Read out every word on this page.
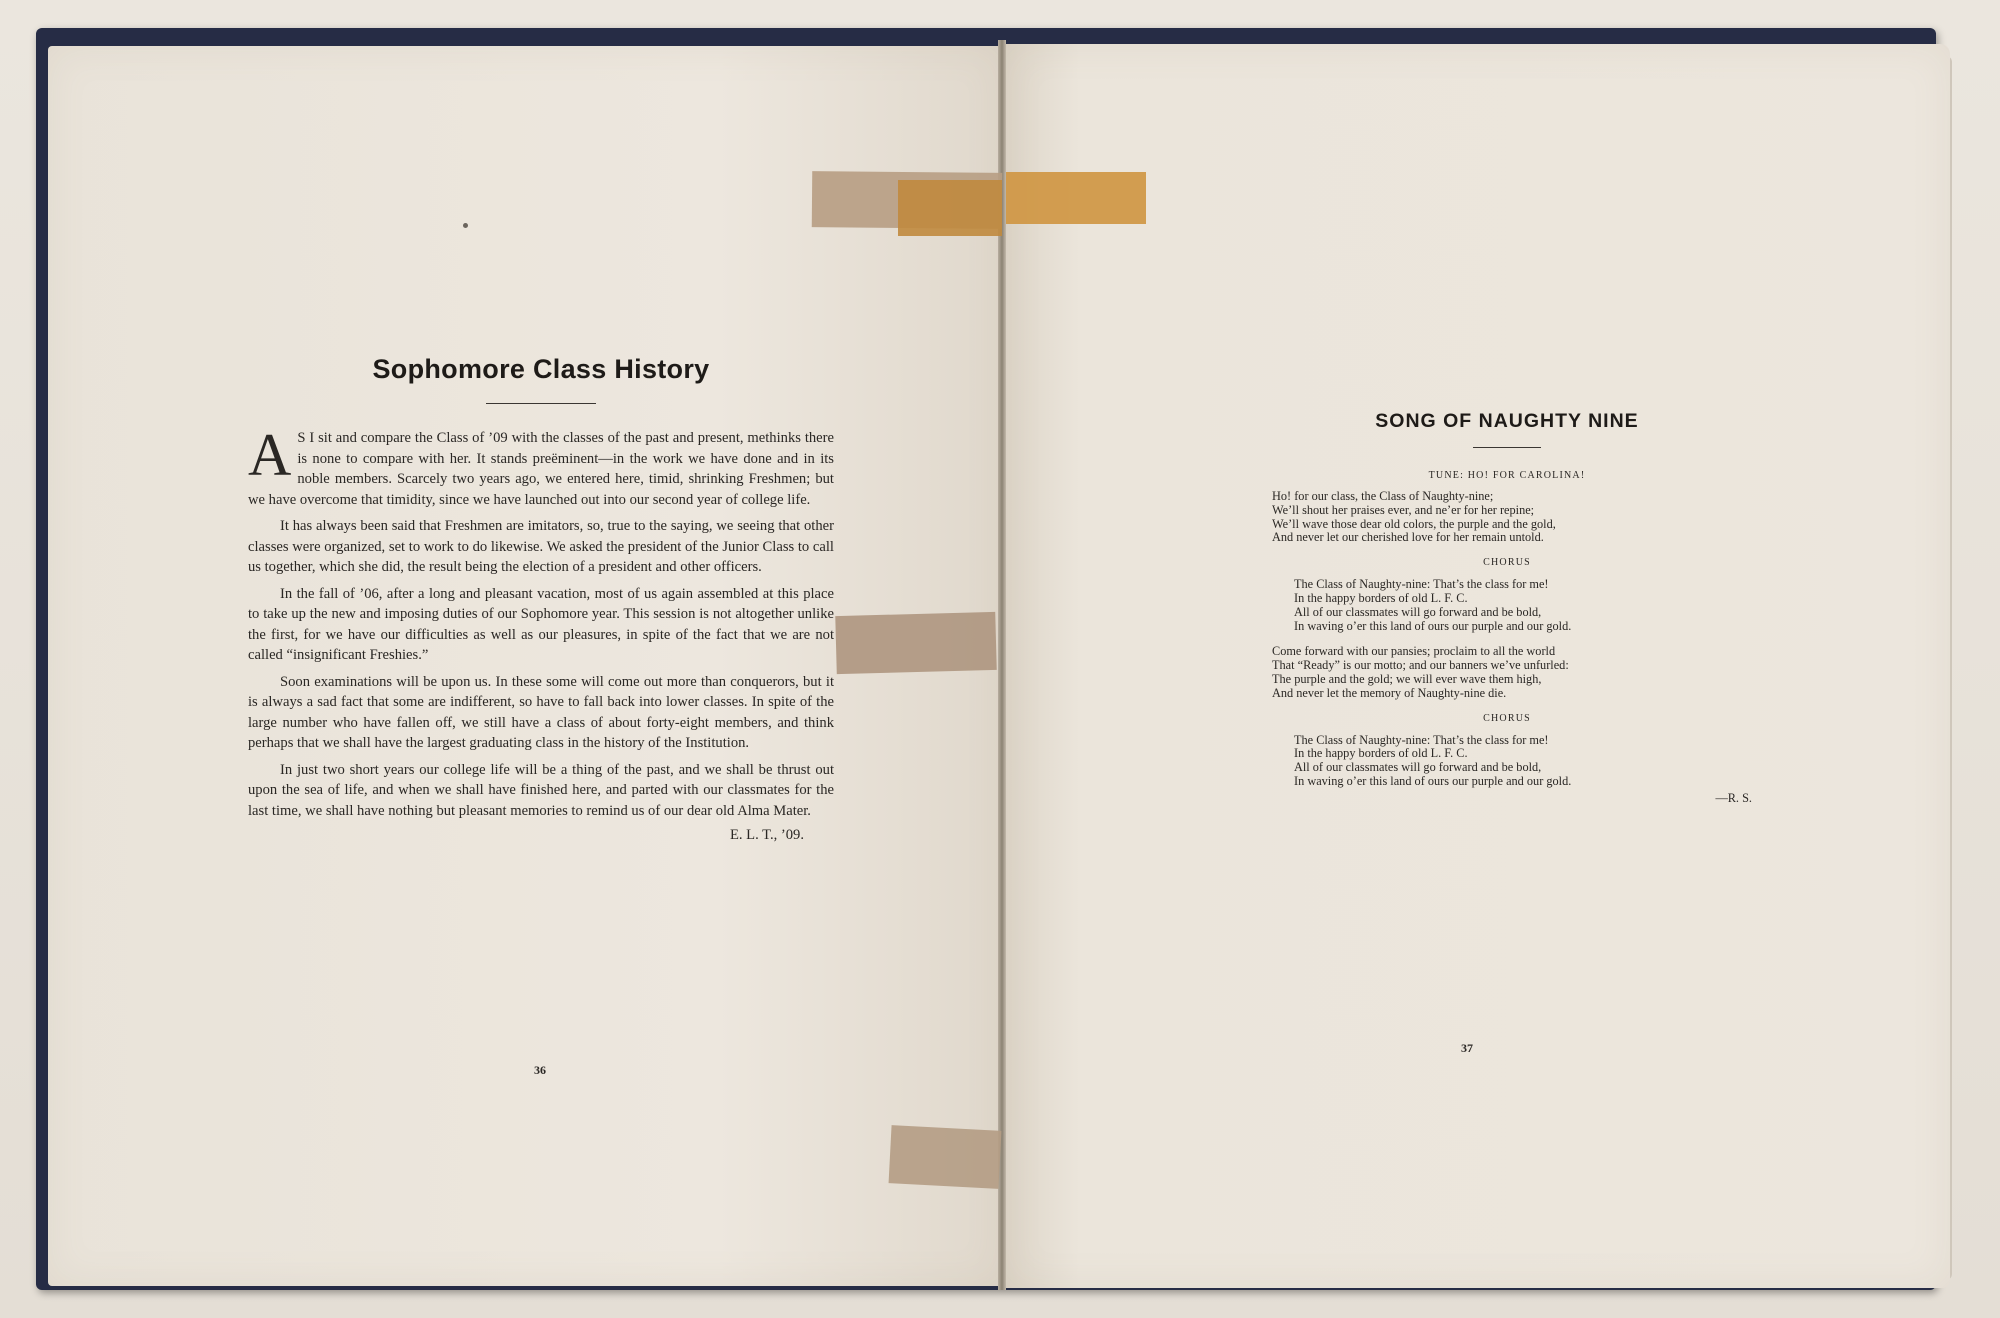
Sophomore Class History

A S I sit and compare the Class of ’09 with the classes of the past and present, methinks there is none to compare with her. It stands preëminent—in the work we have done and in its noble members. Scarcely two years ago, we entered here, timid, shrinking Freshmen; but we have overcome that timidity, since we have launched out into our second year of college life.

It has always been said that Freshmen are imitators, so, true to the saying, we seeing that other classes were organized, set to work to do likewise. We asked the president of the Junior Class to call us together, which she did, the result being the election of a president and other officers.

In the fall of ’06, after a long and pleasant vacation, most of us again assembled at this place to take up the new and imposing duties of our Sophomore year. This session is not altogether unlike the first, for we have our difficulties as well as our pleasures, in spite of the fact that we are not called “insignificant Freshies.”

Soon examinations will be upon us. In these some will come out more than conquerors, but it is always a sad fact that some are indifferent, so have to fall back into lower classes. In spite of the large number who have fallen off, we still have a class of about forty-eight members, and think perhaps that we shall have the largest graduating class in the history of the Institution.

In just two short years our college life will be a thing of the past, and we shall be thrust out upon the sea of life, and when we shall have finished here, and parted with our classmates for the last time, we shall have nothing but pleasant memories to remind us of our dear old Alma Mater.

E. L. T., ’09.

36
SONG OF NAUGHTY NINE

TUNE: HO! FOR CAROLINA!

Ho! for our class, the Class of Naughty-nine;

We’ll shout her praises ever, and ne’er for her repine;

We’ll wave those dear old colors, the purple and the gold,

And never let our cherished love for her remain untold.

CHORUS

The Class of Naughty-nine: That’s the class for me!

In the happy borders of old L. F. C.

All of our classmates will go forward and be bold,

In waving o’er this land of ours our purple and our gold.

Come forward with our pansies; proclaim to all the world

That “Ready” is our motto; and our banners we’ve unfurled:

The purple and the gold; we will ever wave them high,

And never let the memory of Naughty-nine die.

CHORUS

The Class of Naughty-nine: That’s the class for me!

In the happy borders of old L. F. C.

All of our classmates will go forward and be bold,

In waving o’er this land of ours our purple and our gold.

—R. S.

37
